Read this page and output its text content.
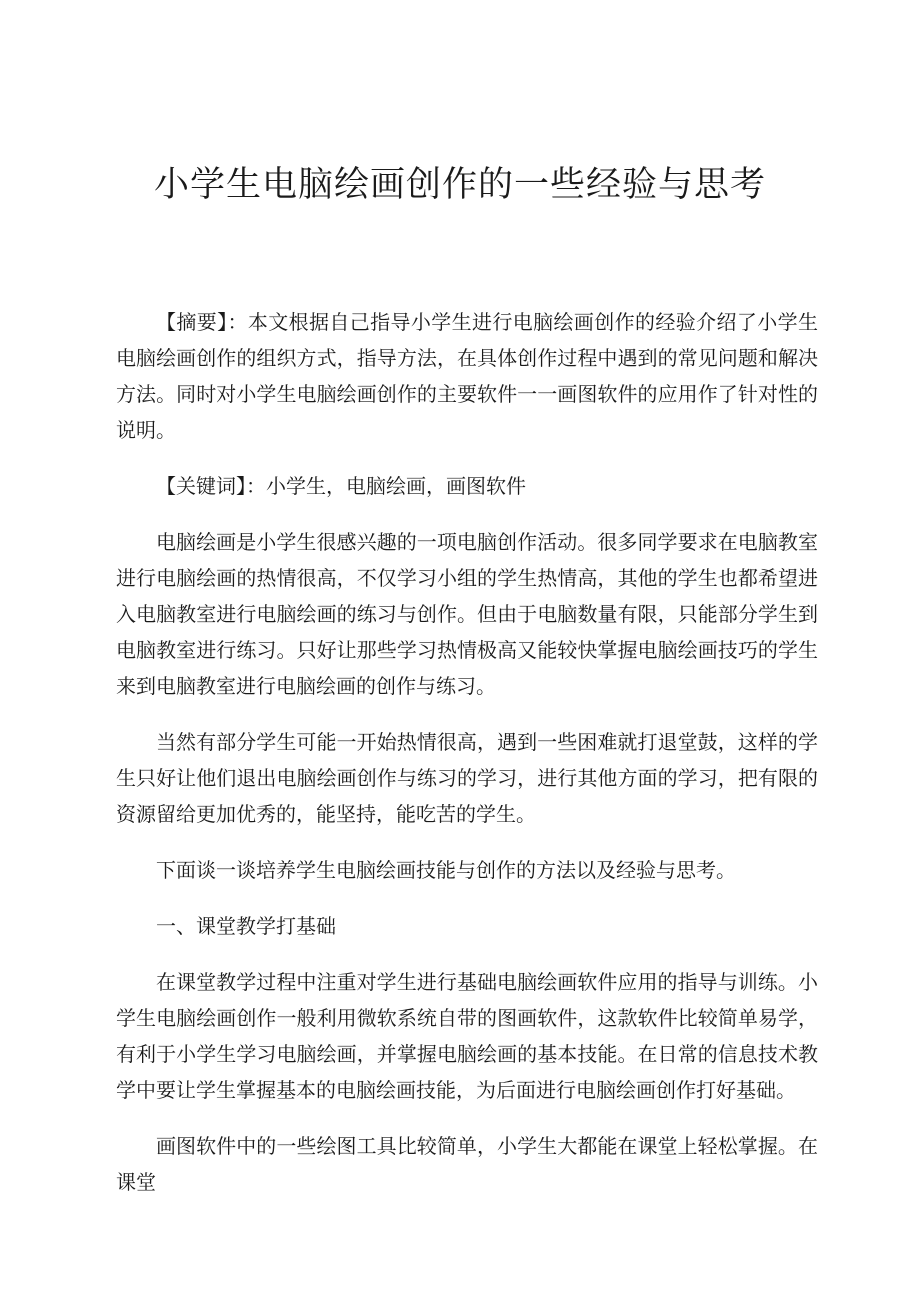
小学生电脑绘画创作的一些经验与思考

【摘要】：本文根据自己指导小学生进行电脑绘画创作的经验介绍了小学生电脑绘画创作的组织方式，指导方法，在具体创作过程中遇到的常见问题和解决方法。同时对小学生电脑绘画创作的主要软件一一画图软件的应用作了针对性的说明。

【关键词】：小学生，电脑绘画，画图软件

电脑绘画是小学生很感兴趣的一项电脑创作活动。很多同学要求在电脑教室进行电脑绘画的热情很高，不仅学习小组的学生热情高，其他的学生也都希望进入电脑教室进行电脑绘画的练习与创作。但由于电脑数量有限，只能部分学生到电脑教室进行练习。只好让那些学习热情极高又能较快掌握电脑绘画技巧的学生来到电脑教室进行电脑绘画的创作与练习。

当然有部分学生可能一开始热情很高，遇到一些困难就打退堂鼓，这样的学生只好让他们退出电脑绘画创作与练习的学习，进行其他方面的学习，把有限的资源留给更加优秀的，能坚持，能吃苦的学生。

下面谈一谈培养学生电脑绘画技能与创作的方法以及经验与思考。

一、课堂教学打基础

在课堂教学过程中注重对学生进行基础电脑绘画软件应用的指导与训练。小学生电脑绘画创作一般利用微软系统自带的图画软件，这款软件比较简单易学，有利于小学生学习电脑绘画，并掌握电脑绘画的基本技能。在日常的信息技术教学中要让学生掌握基本的电脑绘画技能，为后面进行电脑绘画创作打好基础。

画图软件中的一些绘图工具比较简单，小学生大都能在课堂上轻松掌握。在课堂
